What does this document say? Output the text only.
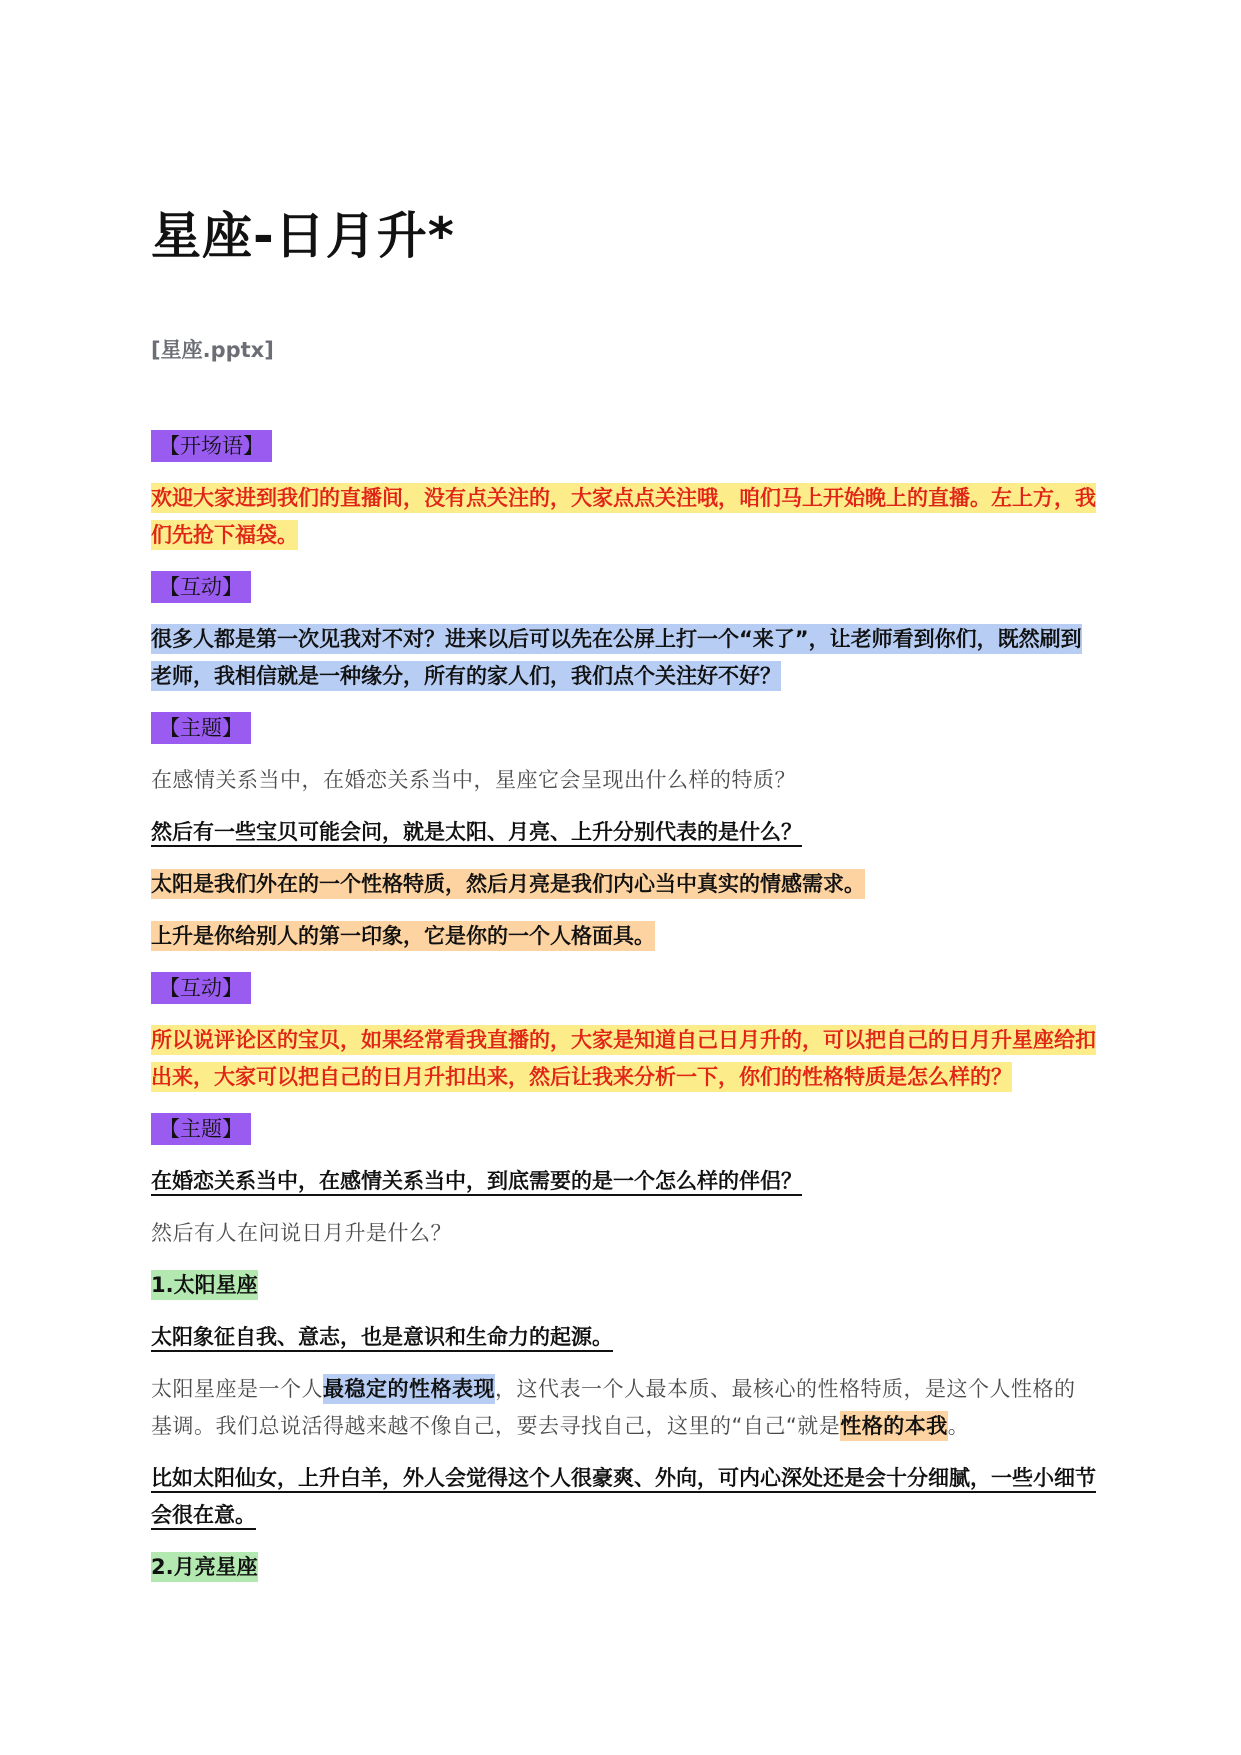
星座-日月升*
[星座.pptx]

【开场语】

欢迎大家进到我们的直播间，没有点关注的，大家点点关注哦，咱们马上开始晚上的直播。左上方，我们先抢下福袋。

【互动】

很多人都是第一次见我对不对？进来以后可以先在公屏上打一个“来了”，让老师看到你们，既然刷到老师，我相信就是一种缘分，所有的家人们，我们点个关注好不好？

【主题】

在感情关系当中，在婚恋关系当中，星座它会呈现出什么样的特质？

然后有一些宝贝可能会问，就是太阳、月亮、上升分别代表的是什么？

太阳是我们外在的一个性格特质，然后月亮是我们内心当中真实的情感需求。

上升是你给别人的第一印象，它是你的一个人格面具。

【互动】

所以说评论区的宝贝，如果经常看我直播的，大家是知道自己日月升的，可以把自己的日月升星座给扣出来，大家可以把自己的日月升扣出来，然后让我来分析一下，你们的性格特质是怎么样的？

【主题】

在婚恋关系当中，在感情关系当中，到底需要的是一个怎么样的伴侣？

然后有人在问说日月升是什么？

1.太阳星座

太阳象征自我、意志，也是意识和生命力的起源。

太阳星座是一个人最稳定的性格表现，这代表一个人最本质、最核心的性格特质，是这个人性格的基调。我们总说活得越来越不像自己，要去寻找自己，这里的“自己“就是性格的本我。

比如太阳仙女，上升白羊，外人会觉得这个人很豪爽、外向，可内心深处还是会十分细腻，一些小细节会很在意。

2.月亮星座
